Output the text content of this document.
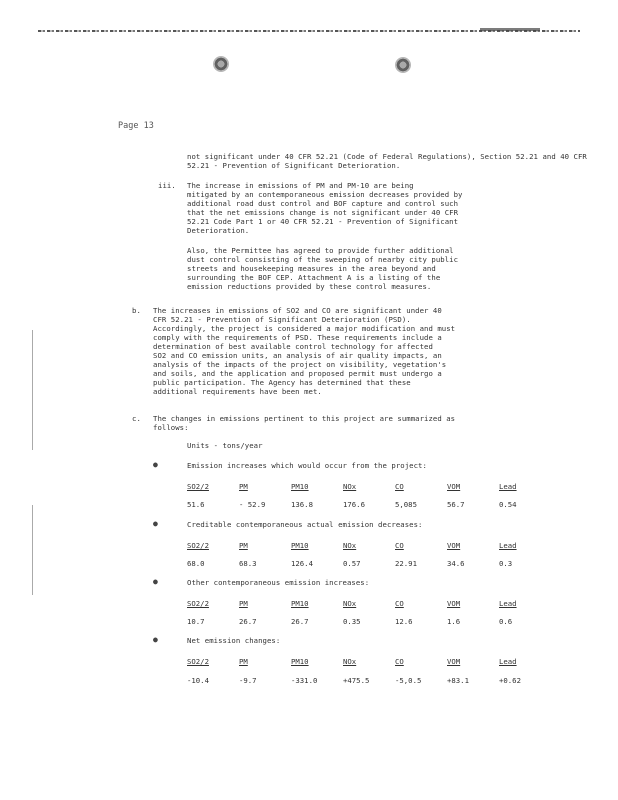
Page 13
not significant under 40 CFR 52.21 (Code of Federal Regulations), Section 52.21 and 40 CFR
52.21 - Prevention of Significant Deterioration.
iii. The increase in emissions of PM and PM-10 are being
mitigated by an contemporaneous emission decreases provided by
additional road dust control and BOF capture and control such
that the net emissions change is not significant under 40 CFR
52.21 Code Part 1 or 40 CFR 52.21 - Prevention of Significant
Deterioration.
Also, the Permittee has agreed to provide further additional
dust control consisting of the sweeping of nearby city public
streets and housekeeping measures in the area beyond and
surrounding the BOF CEP. Attachment A is a listing of the
emission reductions provided by these control measures.
b. The increases in emissions of SO2 and CO are significant under 40
CFR 52.21 - Prevention of Significant Deterioration (PSD).
Accordingly, the project is considered a major modification and must
comply with the requirements of PSD. These requirements include a
determination of best available control technology for affected
SO2 and CO emission units, an analysis of air quality impacts, an
analysis of the impacts of the project on visibility, vegetation's
and soils, and the application and proposed permit must undergo a
public participation. The Agency has determined that these
additional requirements have been met.
c. The changes in emissions pertinent to this project are summarized as
follows:
Units - tons/year
●	Emission increases which would occur from the project:
SO2/2	PM	PM10	NOx	CO	VOM	Lead
51.6	- 52.9	136.8	176.6	5,085	56.7	0.54
●	Creditable contemporaneous actual emission decreases:
SO2/2	PM	PM10	NOx	CO	VOM	Lead
68.0	68.3	126.4	0.57	22.91	34.6	0.3
●	Other contemporaneous emission increases:
SO2/2	PM	PM10	NOx	CO	VOM	Lead
10.7	26.7	26.7	0.35	12.6	1.6	0.6
●	Net emission changes:
SO2/2	PM	PM10	NOx	CO	VOM	Lead
-10.4	-9.7	-331.0	+475.5	-5,0.5	+83.1	+0.62
